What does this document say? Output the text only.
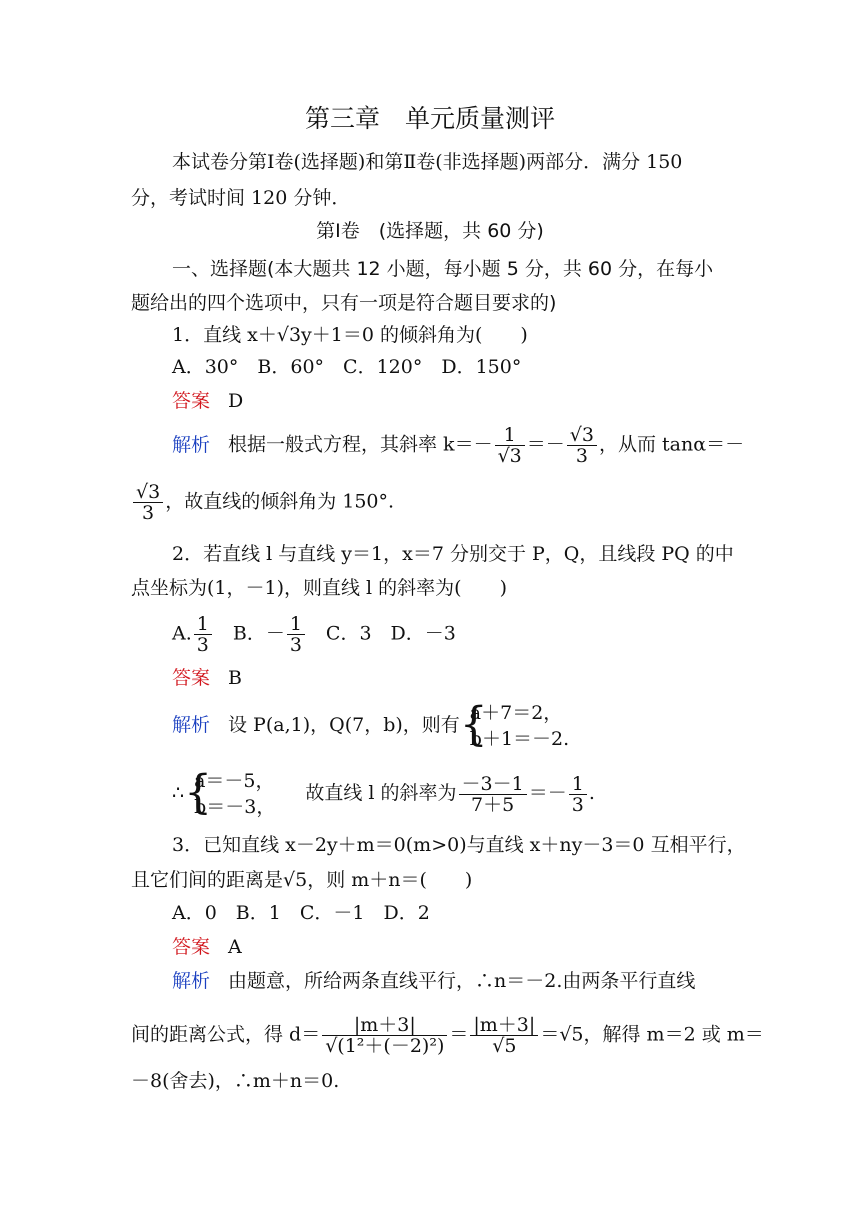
第三章　单元质量测评
本试卷分第Ⅰ卷(选择题)和第Ⅱ卷(非选择题)两部分．满分 150
分，考试时间 120 分钟．
第Ⅰ卷　(选择题，共 60 分)
一、选择题(本大题共 12 小题，每小题 5 分，共 60 分，在每小
题给出的四个选项中，只有一项是符合题目要求的)
1．直线 x＋√3y＋1＝0 的倾斜角为(　　)
A．30°　B．60°　C．120°　D．150°
答案 D
解析 根据一般式方程，其斜率 $k=- \frac{1}{√3} =- \frac{√3}{3}$ ，从而 tanα＝－
$\frac{√3}{3}$ ，故直线的倾斜角为 150°.
2．若直线 l 与直线 y＝1，x＝7 分别交于 P，Q，且线段 PQ 的中
点坐标为(1，－1)，则直线 l 的斜率为(　　)
A. $\frac{1}{3}$ 　B．－ $\frac{1}{3}$ 　C．3　D．－3
答案 B
解析 设 P(a,1)，Q(7，b)，则有 {
a＋7＝2，
b＋1＝－2.
∴ {
a＝－5，
b＝－3，
故直线 l 的斜率为 $\frac{-3-1}{7+5} =- \frac{1}{3}$ .
3．已知直线 x－2y＋m＝0(m>0)与直线 x＋ny－3＝0 互相平行，
且它们间的距离是√5，则 m＋n＝(　　)
A．0　B．1　C．－1　D．2
答案 A
解析 由题意，所给两条直线平行，∴n＝－2.由两条平行直线
间的距离公式，得 $d= \frac{|m+3|}{\text{√(1²＋(－2)²)}} = \frac{|m+3|}{√5} =√5$，解得 m＝2 或 m＝
－8(舍去)，∴m＋n＝0.
